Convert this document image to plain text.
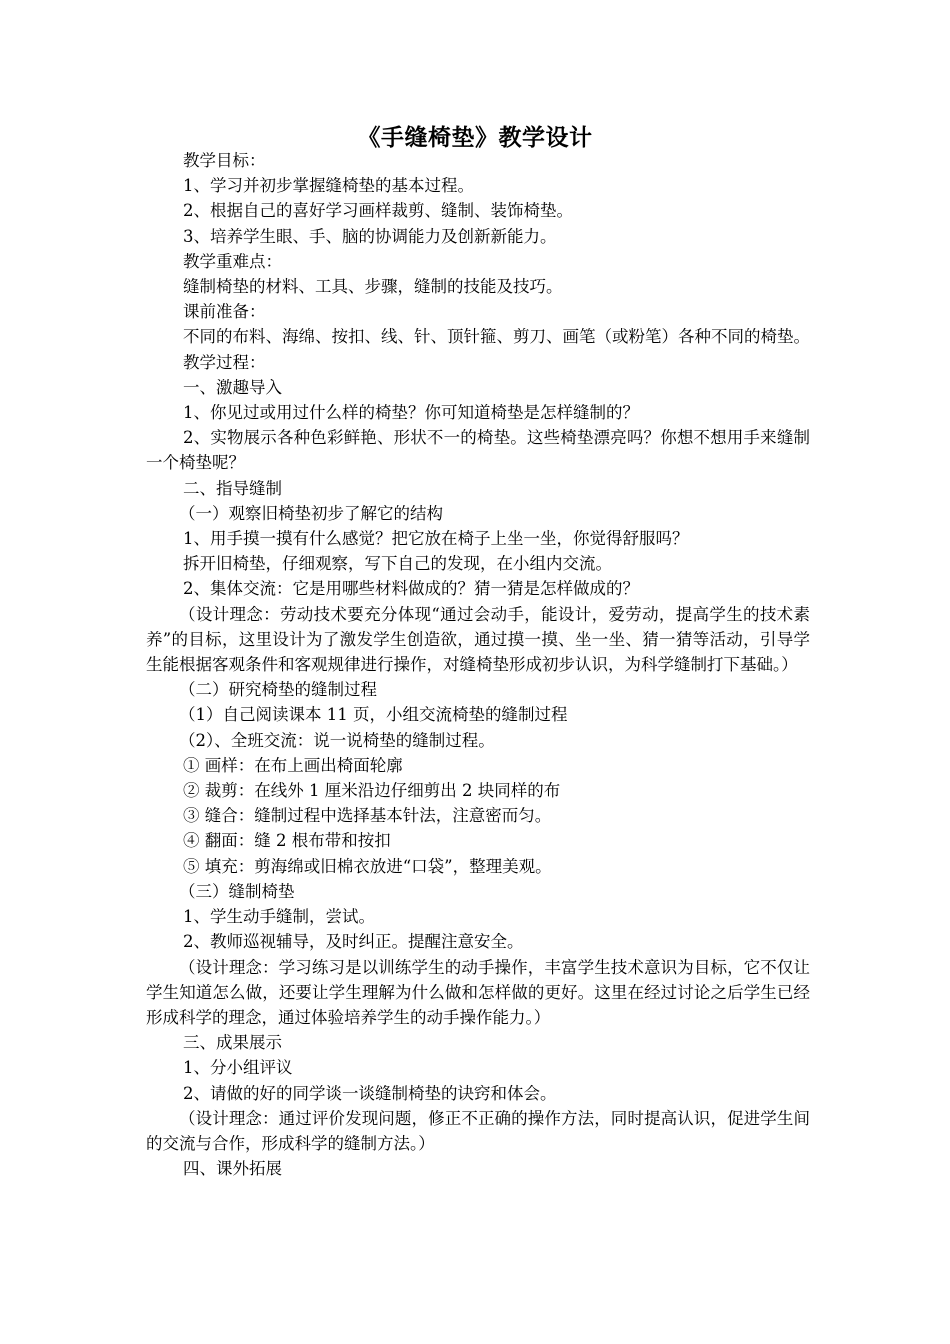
《手缝椅垫》教学设计

教学目标：

1、学习并初步掌握缝椅垫的基本过程。

2、根据自己的喜好学习画样裁剪、缝制、装饰椅垫。

3、培养学生眼、手、脑的协调能力及创新新能力。

教学重难点：

缝制椅垫的材料、工具、步骤，缝制的技能及技巧。

课前准备：

不同的布料、海绵、按扣、线、针、顶针箍、剪刀、画笔（或粉笔）各种不同的椅垫。

教学过程：

一、激趣导入

1、你见过或用过什么样的椅垫？你可知道椅垫是怎样缝制的？

2、实物展示各种色彩鲜艳、形状不一的椅垫。这些椅垫漂亮吗？你想不想用手来缝制一个椅垫呢？

二、指导缝制

（一）观察旧椅垫初步了解它的结构

1、用手摸一摸有什么感觉？把它放在椅子上坐一坐，你觉得舒服吗？

拆开旧椅垫，仔细观察，写下自己的发现，在小组内交流。

2、集体交流：它是用哪些材料做成的？猜一猜是怎样做成的？

（设计理念：劳动技术要充分体现“通过会动手，能设计，爱劳动，提高学生的技术素养”的目标，这里设计为了激发学生创造欲，通过摸一摸、坐一坐、猜一猜等活动，引导学生能根据客观条件和客观规律进行操作，对缝椅垫形成初步认识，为科学缝制打下基础。）

（二）研究椅垫的缝制过程

（1）自己阅读课本 11 页，小组交流椅垫的缝制过程

（2）、全班交流：说一说椅垫的缝制过程。

① 画样：在布上画出椅面轮廓

② 裁剪：在线外 1 厘米沿边仔细剪出 2 块同样的布

③ 缝合：缝制过程中选择基本针法，注意密而匀。

④ 翻面：缝 2 根布带和按扣

⑤ 填充：剪海绵或旧棉衣放进“口袋”，整理美观。

（三）缝制椅垫

1、学生动手缝制，尝试。

2、教师巡视辅导，及时纠正。提醒注意安全。

（设计理念：学习练习是以训练学生的动手操作，丰富学生技术意识为目标，它不仅让学生知道怎么做，还要让学生理解为什么做和怎样做的更好。这里在经过讨论之后学生已经形成科学的理念，通过体验培养学生的动手操作能力。）

三、成果展示

1、分小组评议

2、请做的好的同学谈一谈缝制椅垫的诀窍和体会。

（设计理念：通过评价发现问题，修正不正确的操作方法，同时提高认识，促进学生间的交流与合作，形成科学的缝制方法。）

四、课外拓展
